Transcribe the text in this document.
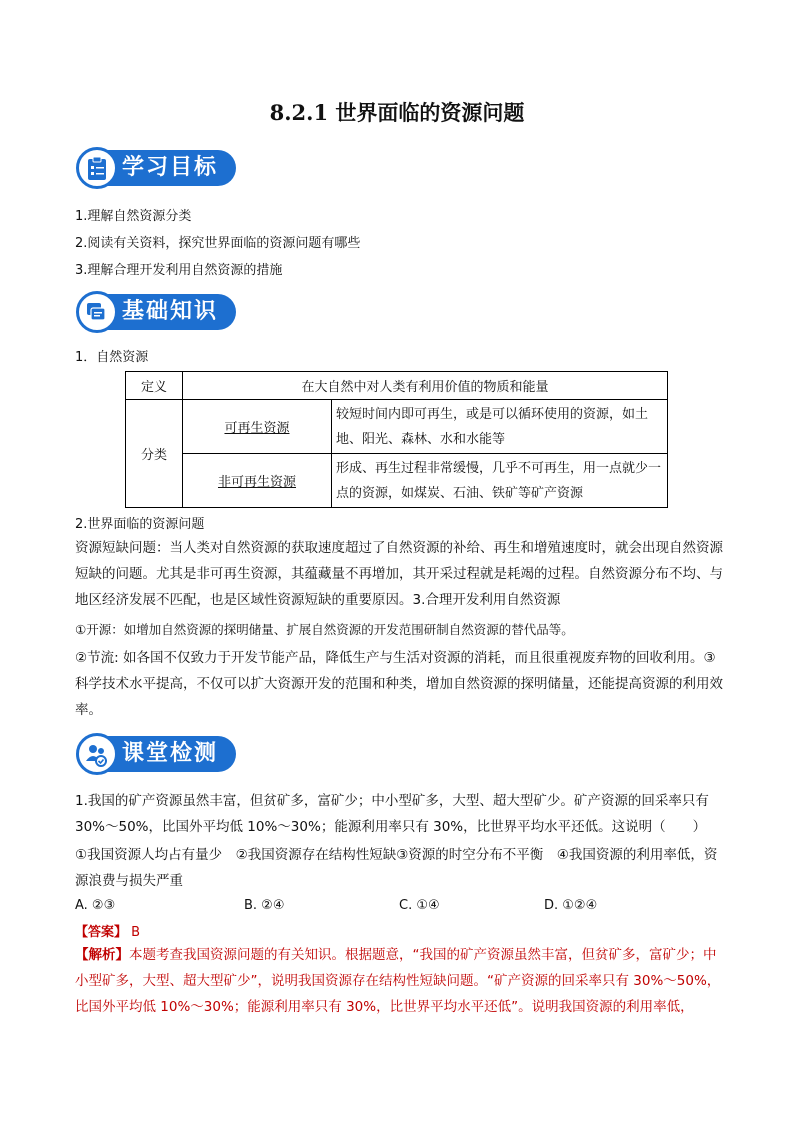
8.2.1 世界面临的资源问题
学习目标
1.理解自然资源分类
2.阅读有关资料，探究世界面临的资源问题有哪些
3.理解合理开发利用自然资源的措施
基础知识
1．自然资源
定义	在大自然中对人类有利用价值的物质和能量	
分类	可再生资源	较短时间内即可再生，或是可以循环使用的资源，如土地、阳光、森林、水和水能等
	非可再生资源	形成、再生过程非常缓慢，几乎不可再生，用一点就少一点的资源，如煤炭、石油、铁矿等矿产资源
2.世界面临的资源问题
资源短缺问题：当人类对自然资源的获取速度超过了自然资源的补给、再生和增殖速度时，就会出现自然资源短缺的问题。尤其是非可再生资源，其蕴藏量不再增加，其开采过程就是耗竭的过程。自然资源分布不均、与地区经济发展不匹配，也是区域性资源短缺的重要原因。3.合理开发利用自然资源
①开源：如增加自然资源的探明储量、扩展自然资源的开发范围研制自然资源的替代品等。
②节流: 如各国不仅致力于开发节能产品，降低生产与生活对资源的消耗，而且很重视废弃物的回收利用。③科学技术水平提高，不仅可以扩大资源开发的范围和种类，增加自然资源的探明储量，还能提高资源的利用效率。
课堂检测
1.我国的矿产资源虽然丰富，但贫矿多，富矿少；中小型矿多，大型、超大型矿少。矿产资源的回采率只有30%～50%，比国外平均低 10%～30%；能源利用率只有 30%，比世界平均水平还低。这说明（　　）
①我国资源人均占有量少　②我国资源存在结构性短缺③资源的时空分布不平衡　④我国资源的利用率低，资源浪费与损失严重
A. ②③	B. ②④	C. ①④	D. ①②④
【答案】 B
【解析】本题考查我国资源问题的有关知识。根据题意，“我国的矿产资源虽然丰富，但贫矿多，富矿少；中小型矿多，大型、超大型矿少”，说明我国资源存在结构性短缺问题。“矿产资源的回采率只有 30%～50%，比国外平均低 10%～30%；能源利用率只有 30%，比世界平均水平还低”。说明我国资源的利用率低，
